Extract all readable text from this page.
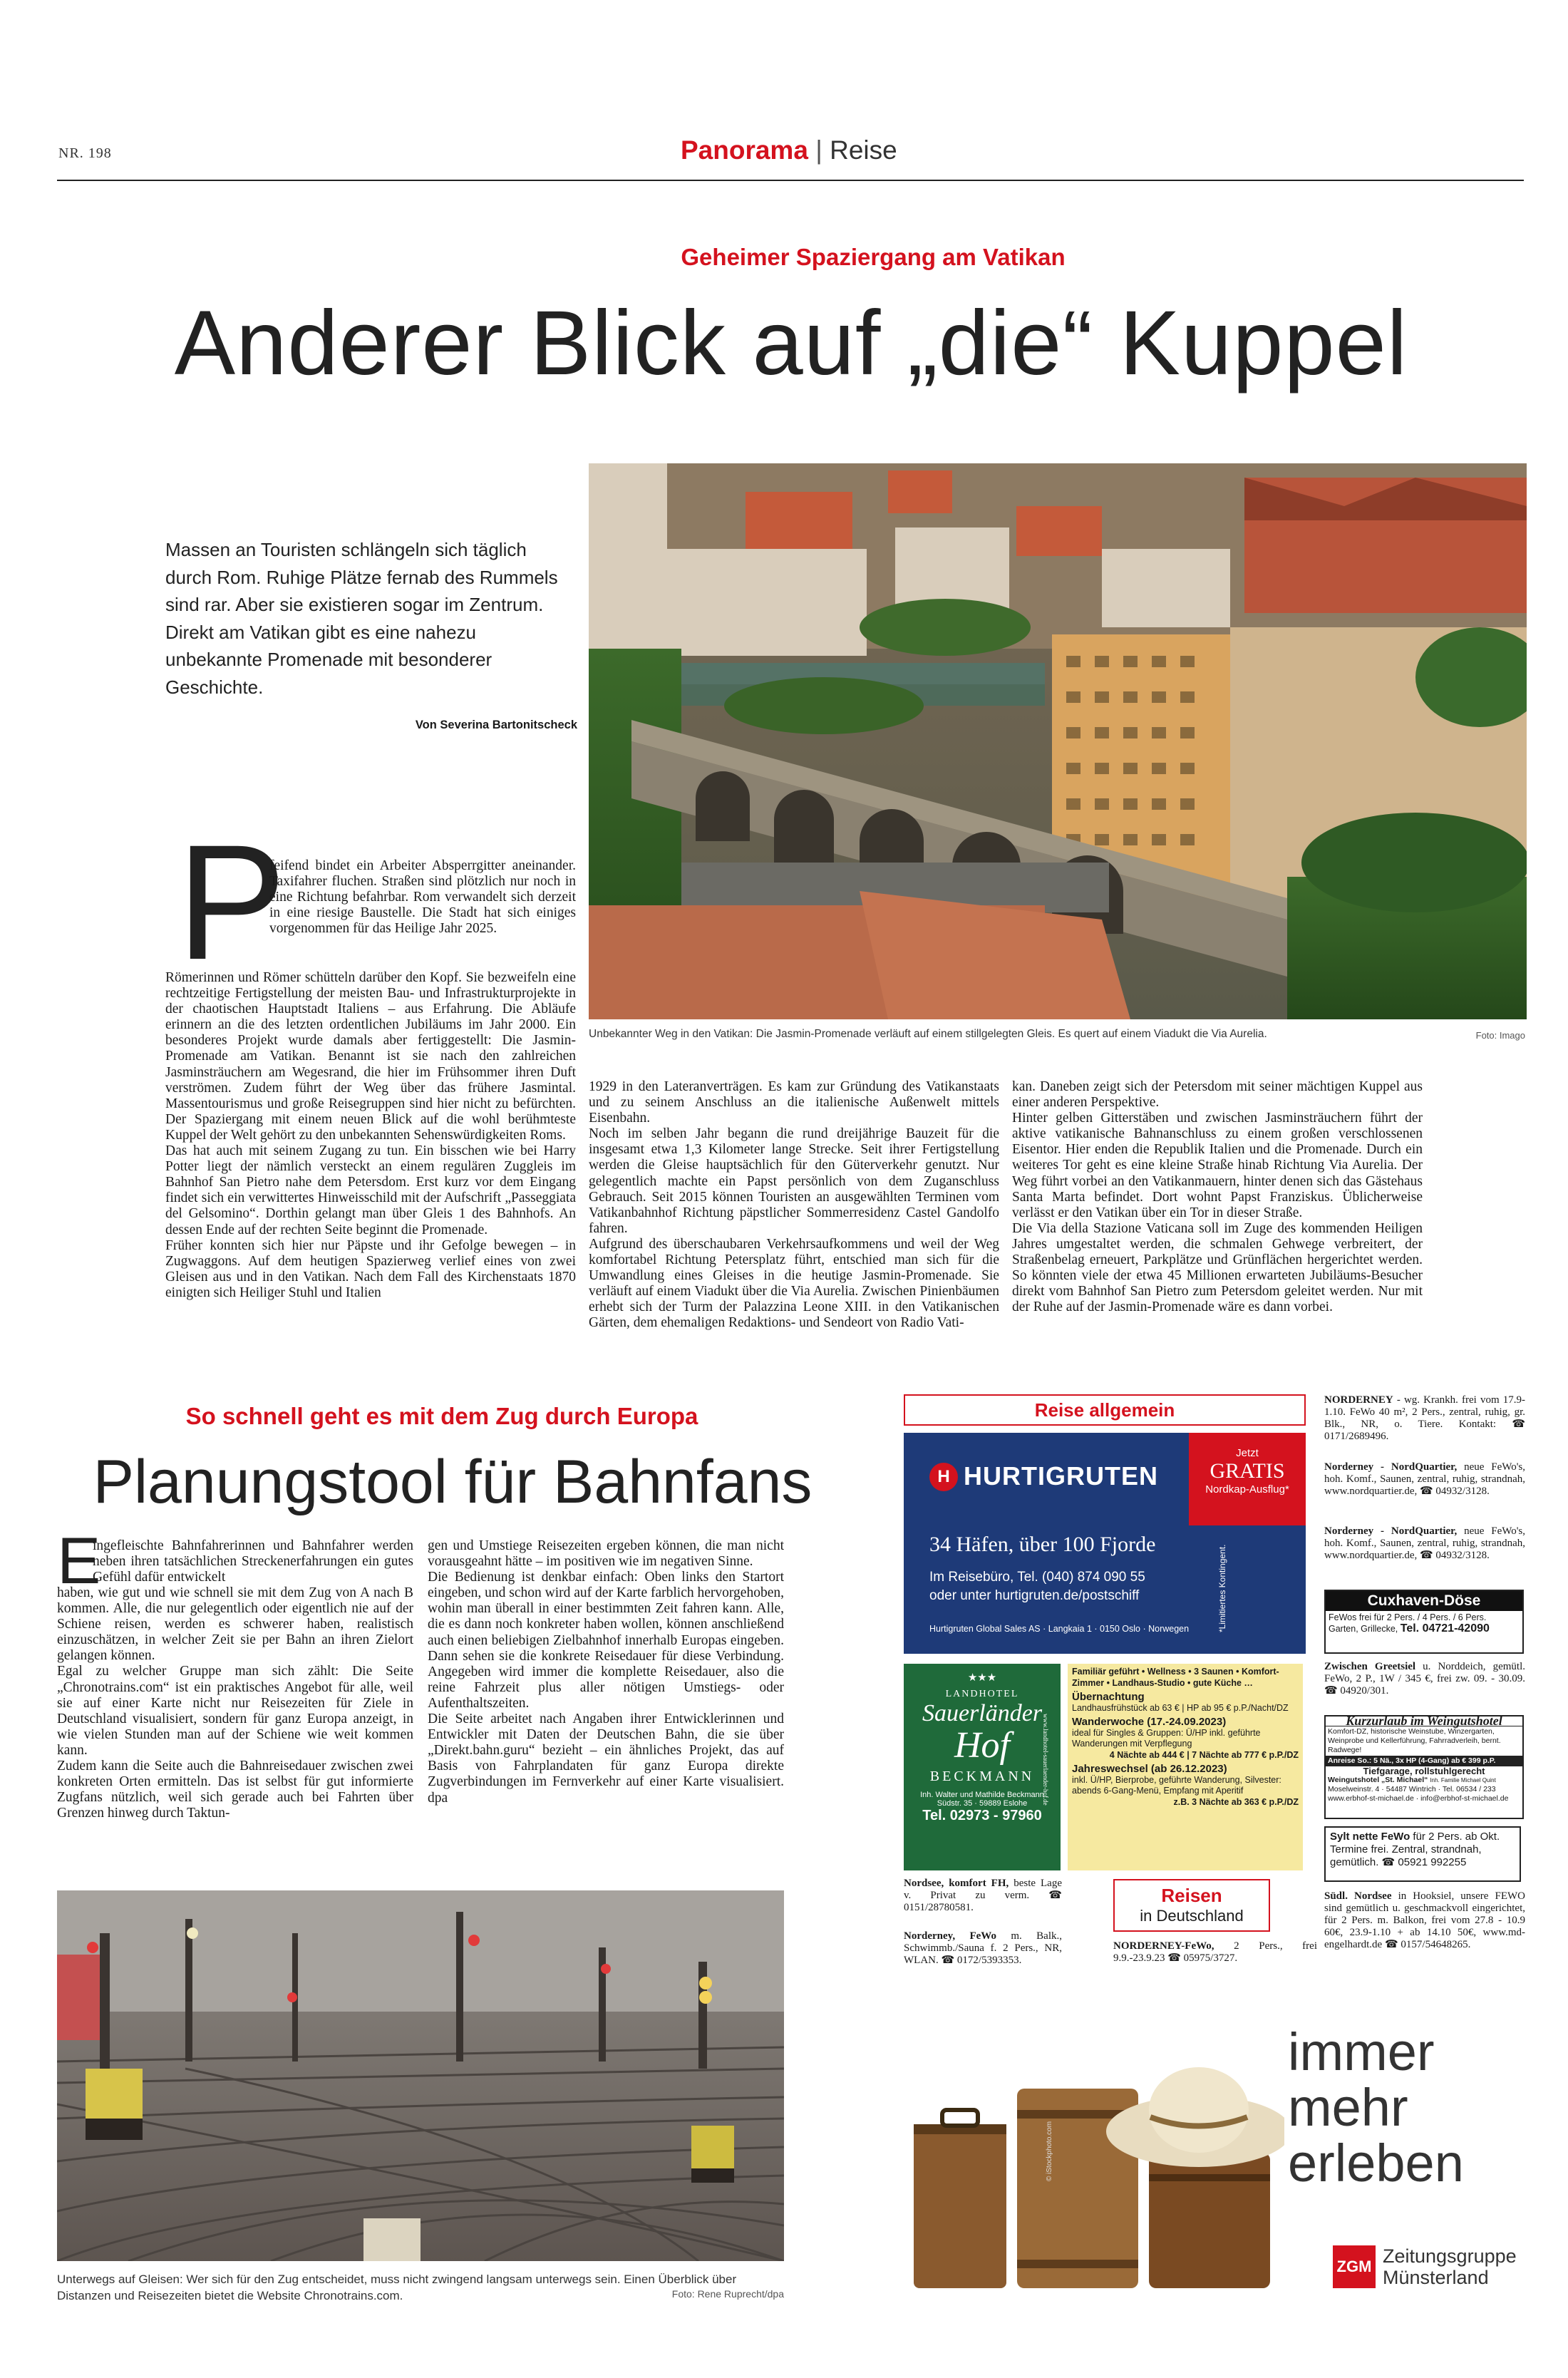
NR. 198	Panorama | Reise
Geheimer Spaziergang am Vatikan
Anderer Blick auf „die“ Kuppel
Massen an Touristen schlängeln sich täglich durch Rom. Ruhige Plätze fernab des Rummels sind rar. Aber sie existieren sogar im Zentrum. Direkt am Vatikan gibt es eine nahezu unbekannte Promenade mit besonderer Geschichte.
Von Severina Bartonitscheck
Unbekannter Weg in den Vatikan: Die Jasmin-Promenade verläuft auf einem stillgelegten Gleis. Es quert auf einem Viadukt die Via Aurelia.	Foto: Imago
P
feifend bindet ein Arbeiter Absperrgitter aneinander. Taxifahrer fluchen. Straßen sind plötzlich nur noch in eine Richtung befahrbar. Rom verwandelt sich derzeit in eine riesige Baustelle. Die Stadt hat sich einiges vorgenommen für das Heilige Jahr 2025.

Römerinnen und Römer schütteln darüber den Kopf. Sie bezweifeln eine rechtzeitige Fertigstellung der meisten Bau- und Infrastrukturprojekte in der chaotischen Hauptstadt Italiens – aus Erfahrung. Die Abläufe erinnern an die des letzten ordentlichen Jubiläums im Jahr 2000. Ein besonderes Projekt wurde damals aber fertiggestellt: Die Jasmin-Promenade am Vatikan. Benannt ist sie nach den zahlreichen Jasminsträuchern am Wegesrand, die hier im Frühsommer ihren Duft verströmen. Zudem führt der Weg über das frühere Jasmintal. Massentourismus und große Reisegruppen sind hier nicht zu befürchten. Der Spaziergang mit einem neuen Blick auf die wohl berühmteste Kuppel der Welt gehört zu den unbekannten Sehenswürdigkeiten Roms.

Das hat auch mit seinem Zugang zu tun. Ein bisschen wie bei Harry Potter liegt der nämlich versteckt an einem regulären Zuggleis im Bahnhof San Pietro nahe dem Petersdom. Erst kurz vor dem Eingang findet sich ein verwittertes Hinweisschild mit der Aufschrift „Passeggiata del Gelsomino“. Dorthin gelangt man über Gleis 1 des Bahnhofs. An dessen Ende auf der rechten Seite beginnt die Promenade.

Früher konnten sich hier nur Päpste und ihr Gefolge bewegen – in Zugwaggons. Auf dem heutigen Spazierweg verlief eines von zwei Gleisen aus und in den Vatikan. Nach dem Fall des Kirchenstaats 1870 einigten sich Heiliger Stuhl und Italien

1929 in den Lateranverträgen. Es kam zur Gründung des Vatikanstaats und zu seinem Anschluss an die italienische Außenwelt mittels Eisenbahn.

Noch im selben Jahr begann die rund dreijährige Bauzeit für die insgesamt etwa 1,3 Kilometer lange Strecke. Seit ihrer Fertigstellung werden die Gleise hauptsächlich für den Güterverkehr genutzt. Nur gelegentlich machte ein Papst persönlich von dem Zuganschluss Gebrauch. Seit 2015 können Touristen an ausgewählten Terminen vom Vatikanbahnhof Richtung päpstlicher Sommerresidenz Castel Gandolfo fahren.

Aufgrund des überschaubaren Verkehrsaufkommens und weil der Weg komfortabel Richtung Petersplatz führt, entschied man sich für die Umwandlung eines Gleises in die heutige Jasmin-Promenade. Sie verläuft auf einem Viadukt über die Via Aurelia. Zwischen Pinienbäumen erhebt sich der Turm der Palazzina Leone XIII. in den Vatikanischen Gärten, dem ehemaligen Redaktions- und Sendeort von Radio Vati-

kan. Daneben zeigt sich der Petersdom mit seiner mächtigen Kuppel aus einer anderen Perspektive.

Hinter gelben Gitterstäben und zwischen Jasminsträuchern führt der aktive vatikanische Bahnanschluss zu einem großen verschlossenen Eisentor. Hier enden die Republik Italien und die Promenade. Durch ein weiteres Tor geht es eine kleine Straße hinab Richtung Via Aurelia. Der Weg führt vorbei an den Vatikanmauern, hinter denen sich das Gästehaus Santa Marta befindet. Dort wohnt Papst Franziskus. Üblicherweise verlässt er den Vatikan über ein Tor in dieser Straße.

Die Via della Stazione Vaticana soll im Zuge des kommenden Heiligen Jahres umgestaltet werden, die schmalen Gehwege verbreitert, der Straßenbelag erneuert, Parkplätze und Grünflächen hergerichtet werden. So könnten viele der etwa 45 Millionen erwarteten Jubiläums-Besucher direkt vom Bahnhof San Pietro zum Petersdom geleitet werden. Nur mit der Ruhe auf der Jasmin-Promenade wäre es dann vorbei.

So schnell geht es mit dem Zug durch Europa
Planungstool für Bahnfans
E
ingefleischte Bahnfahrerinnen und Bahnfahrer werden neben ihren tatsächlichen Streckenerfahrungen ein gutes Gefühl dafür entwickelt

haben, wie gut und wie schnell sie mit dem Zug von A nach B kommen. Alle, die nur gelegentlich oder eigentlich nie auf der Schiene reisen, werden es schwerer haben, realistisch einzuschätzen, in welcher Zeit sie per Bahn an ihren Zielort gelangen können.

Egal zu welcher Gruppe man sich zählt: Die Seite „Chronotrains.com“ ist ein praktisches Angebot für alle, weil sie auf einer Karte nicht nur Reisezeiten für Ziele in Deutschland visualisiert, sondern für ganz Europa anzeigt, in wie vielen Stunden man auf der Schiene wie weit kommen kann.

Zudem kann die Seite auch die Bahnreisedauer zwischen zwei konkreten Orten ermitteln. Das ist selbst für gut informierte Zugfans nützlich, weil sich gerade auch bei Fahrten über Grenzen hinweg durch Taktun-

gen und Umstiege Reisezeiten ergeben können, die man nicht vorausgeahnt hätte – im positiven wie im negativen Sinne.

Die Bedienung ist denkbar einfach: Oben links den Startort eingeben, und schon wird auf der Karte farblich hervorgehoben, wohin man überall in einer bestimmten Zeit fahren kann. Alle, die es dann noch konkreter haben wollen, können anschließend auch einen beliebigen Zielbahnhof innerhalb Europas eingeben. Dann sehen sie die konkrete Reisedauer für diese Verbindung. Angegeben wird immer die komplette Reisedauer, also die reine Fahrzeit plus aller nötigen Umstiegs- oder Aufenthaltszeiten.

Die Seite arbeitet nach Angaben ihrer Entwicklerinnen und Entwickler mit Daten der Deutschen Bahn, die sie über „Direkt.bahn.guru“ bezieht – ein ähnliches Projekt, das auf Basis von Fahrplandaten für ganz Europa direkte Zugverbindungen im Fernverkehr auf einer Karte visualisiert. dpa

Unterwegs auf Gleisen: Wer sich für den Zug entscheidet, muss nicht zwingend langsam unterwegs sein. Einen Überblick über Distanzen und Reisezeiten bietet die Website Chronotrains.com.	Foto: Rene Ruprecht/dpa
Reise allgemein
H HURTIGRUTEN
Jetzt
GRATIS
Nordkap-Ausflug*
34 Häfen, über 100 Fjorde
Im Reisebüro, Tel. (040) 874 090 55
oder unter hurtigruten.de/postschiff
Hurtigruten Global Sales AS · Langkaia 1 · 0150 Oslo · Norwegen	*Limitiertes Kontingent.
★★★
LANDHOTEL
Sauerländer
Hof
BECKMANN
Inh. Walter und Mathilde Beckmann
Südstr. 35 · 59889 Eslohe
Tel. 02973 - 97960
www.landhotel-sauerlaender-hof.de
Familiär geführt • Wellness • 3 Saunen • Komfort-Zimmer • Landhaus-Studio • gute Küche …
Übernachtung
Landhausfrühstück ab 63 € | HP ab 95 € p.P./Nacht/DZ
Wanderwoche (17.-24.09.2023)
ideal für Singles & Gruppen: Ü/HP inkl. geführte Wanderungen mit Verpflegung
4 Nächte ab 444 € | 7 Nächte ab 777 € p.P./DZ
Jahreswechsel (ab 26.12.2023)
inkl. Ü/HP, Bierprobe, geführte Wanderung, Silvester: abends 6-Gang-Menü, Empfang mit Aperitif
z.B. 3 Nächte ab 363 € p.P./DZ
Nordsee, komfort FH, beste Lage v. Privat zu verm. ☎ 0151/28780581.
Norderney, FeWo m. Balk., Schwimmb./Sauna f. 2 Pers., NR, WLAN. ☎ 0172/5393353.
Reisen
in Deutschland
NORDERNEY-FeWo, 2 Pers., frei 9.9.-23.9.23 ☎ 05975/3727.
NORDERNEY - wg. Krankh. frei vom 17.9-1.10. FeWo 40 m², 2 Pers., zentral, ruhig, gr. Blk., NR, o. Tiere. Kontakt: ☎ 0171/2689496.
Norderney - NordQuartier, neue FeWo's, hoh. Komf., Saunen, zentral, ruhig, strandnah, www.nordquartier.de, ☎ 04932/3128.
Norderney - NordQuartier, neue FeWo's, hoh. Komf., Saunen, zentral, ruhig, strandnah, www.nordquartier.de, ☎ 04932/3128.
Cuxhaven-Döse
FeWos frei für 2 Pers. / 4 Pers. / 6 Pers.
Garten, Grillecke, Tel. 04721-42090
Zwischen Greetsiel u. Norddeich, gemütl. FeWo, 2 P., 1W / 345 €, frei zw. 09. - 30.09. ☎ 04920/301.
Kurzurlaub im Weingutshotel
Komfort-DZ, historische Weinstube, Winzergarten, Weinprobe und Kellerführung, Fahrradverleih, bernt. Radwege!
Anreise So.: 5 Nä., 3x HP (4-Gang) ab € 399 p.P.
Tiefgarage, rollstuhlgerecht
Weingutshotel „St. Michael“ Inh. Familie Michael Quint
Moselweinstr. 4 · 54487 Wintrich · Tel. 06534 / 233
www.erbhof-st-michael.de · info@erbhof-st-michael.de
Sylt nette FeWo für 2 Pers. ab Okt. Termine frei. Zentral, strandnah, gemütlich. ☎ 05921 992255
Südl. Nordsee in Hooksiel, unsere FEWO sind gemütlich u. geschmackvoll eingerichtet, für 2 Pers. m. Balkon, frei vom 27.8 - 10.9 60€, 23.9-1.10 + ab 14.10 50€, www.md-engelhardt.de ☎ 0157/54648265.
© iStockphoto.com
immer
mehr
erleben
ZGM Zeitungsgruppe
Münsterland
